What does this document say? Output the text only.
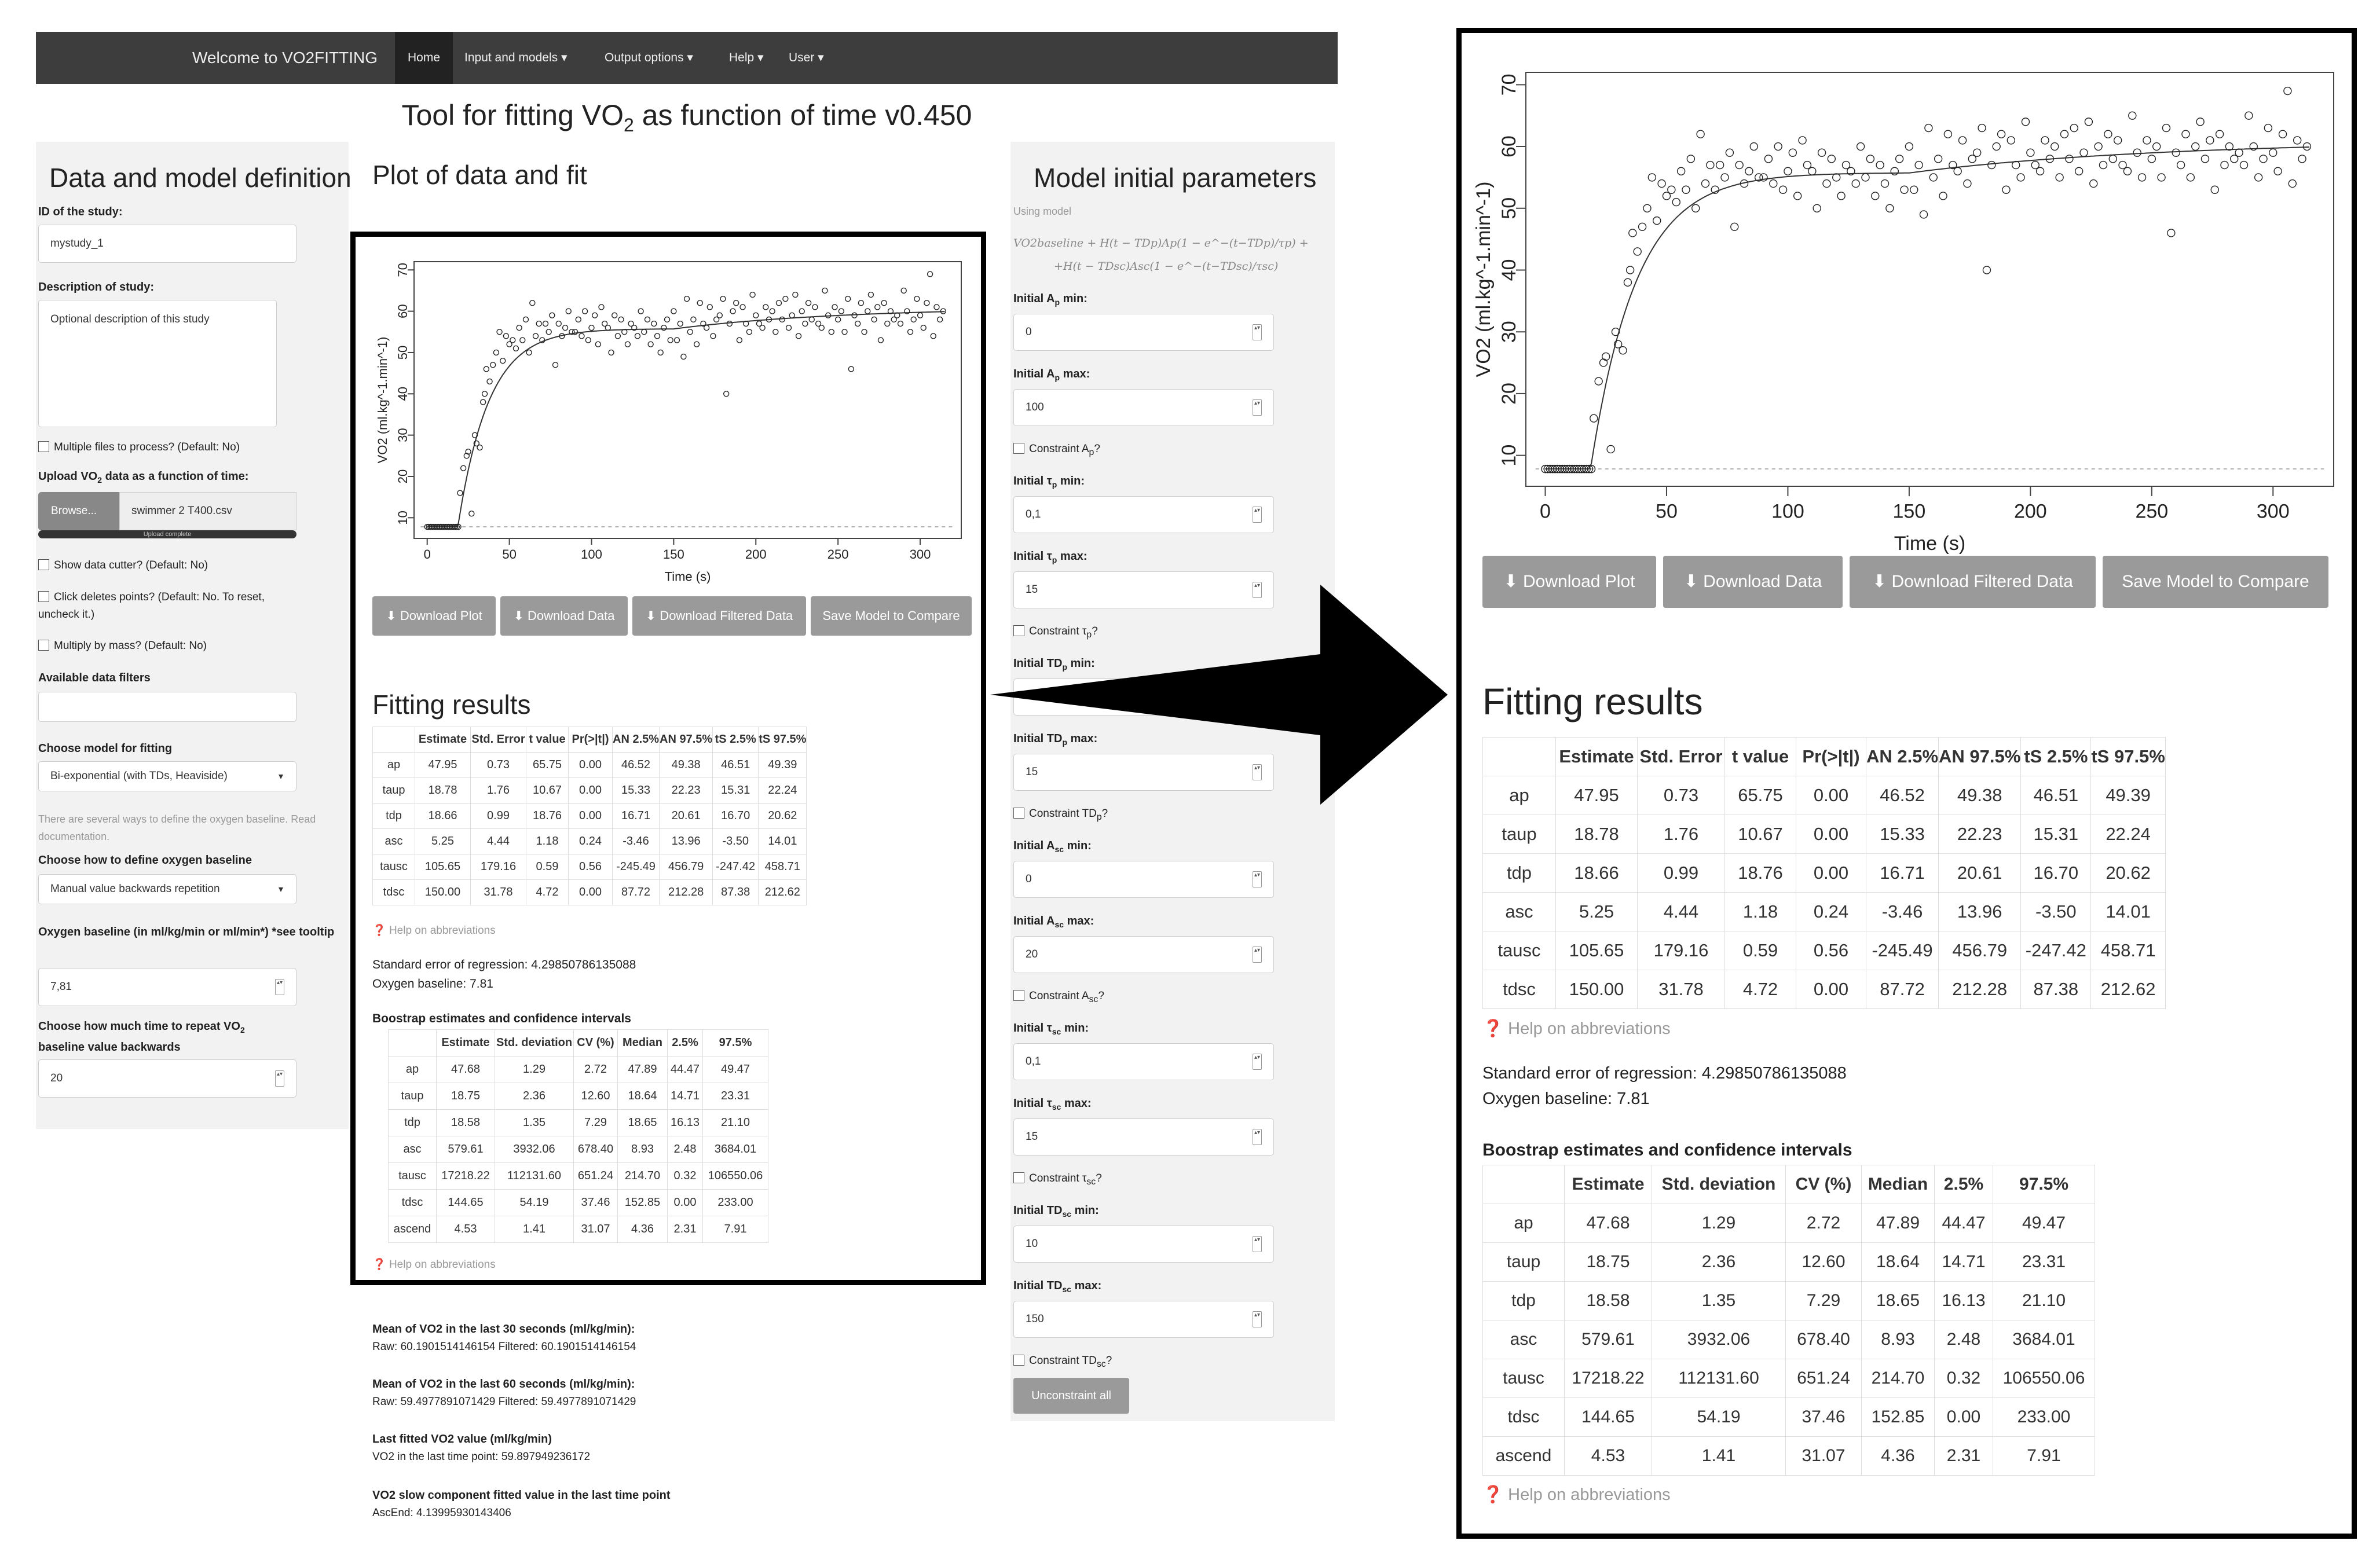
Welcome to VO2FITTING	Home	Input and models ▾	Output options ▾	Help ▾	User ▾
Tool for fitting $VO_2$ as function of time v0.450
Data and model definition
ID of the study:
mystudy_1
Description of study:
Optional description of this study
Multiple files to process? (Default: No)
Upload $VO_2$ data as a function of time:
Browse...	swimmer 2 T400.csv
Upload complete
Show data cutter? (Default: No)
Click deletes points? (Default: No. To reset, uncheck it.)
Multiply by mass? (Default: No)
Available data filters
Choose model for fitting
Bi-exponential (with TDs, Heaviside)	▾
There are several ways to define the oxygen baseline. Read documentation.
Choose how to define oxygen baseline
Manual value backwards repetition	▾
Oxygen baseline (in ml/kg/min or ml/min*) *see tooltip
7,81	▴▾
Choose how much time to repeat $VO_2$
baseline value backwards
20	▴▾
Plot of data and fit
0	50	100	150	200	250	300
10
20
30
40
50
60
70
Time (s)
VO2 (ml.kg^-1.min^-1)
⬇ Download Plot	⬇ Download Data	⬇ Download Filtered Data	Save Model to Compare
Fitting results
	Estimate	Std. Error	t value	Pr(>|t|)	AN 2.5%	AN 97.5%	tS 2.5%	tS 97.5%
ap	47.95	0.73	65.75	0.00	46.52	49.38	46.51	49.39
taup	18.78	1.76	10.67	0.00	15.33	22.23	15.31	22.24
tdp	18.66	0.99	18.76	0.00	16.71	20.61	16.70	20.62
asc	5.25	4.44	1.18	0.24	-3.46	13.96	-3.50	14.01
tausc	105.65	179.16	0.59	0.56	-245.49	456.79	-247.42	458.71
tdsc	150.00	31.78	4.72	0.00	87.72	212.28	87.38	212.62
❓ Help on abbreviations
Standard error of regression: 4.29850786135088
Oxygen baseline: 7.81
Boostrap estimates and confidence intervals
	Estimate	Std. deviation	CV (%)	Median	2.5%	97.5%
ap	47.68	1.29	2.72	47.89	44.47	49.47
taup	18.75	2.36	12.60	18.64	14.71	23.31
tdp	18.58	1.35	7.29	18.65	16.13	21.10
asc	579.61	3932.06	678.40	8.93	2.48	3684.01
tausc	17218.22	112131.60	651.24	214.70	0.32	106550.06
tdsc	144.65	54.19	37.46	152.85	0.00	233.00
ascend	4.53	1.41	31.07	4.36	2.31	7.91
❓ Help on abbreviations
Mean of VO2 in the last 30 seconds (ml/kg/min):
Raw: 60.1901514146154 Filtered: 60.1901514146154
Mean of VO2 in the last 60 seconds (ml/kg/min):
Raw: 59.4977891071429 Filtered: 59.4977891071429
Last fitted VO2 value (ml/kg/min)
VO2 in the last time point: 59.897949236172
VO2 slow component fitted value in the last time point
AscEnd: 4.13995930143406
Model initial parameters
Using model
VO2baseline + H(t − TDp)Ap(1 − e^−(t−TDp)/τp) +
+H(t − TDsc)Asc(1 − e^−(t−TDsc)/τsc)
Initial $A_p$ min:
0	▴▾
Initial $A_p$ max:
100	▴▾
Constraint $A_p$?
Initial $\tau_p$ min:
0,1	▴▾
Initial $\tau_p$ max:
15	▴▾
Constraint $\tau_p$?
Initial $TD_p$ min:
Initial $TD_p$ max:
15	▴▾
Constraint $TD_p$?
Initial $A_{sc}$ min:
0	▴▾
Initial $A_{sc}$ max:
20	▴▾
Constraint $A_{sc}$?
Initial $\tau_{sc}$ min:
0,1	▴▾
Initial $\tau_{sc}$ max:
15	▴▾
Constraint $\tau_{sc}$?
Initial $TD_{sc}$ min:
10	▴▾
Initial $TD_{sc}$ max:
150	▴▾
Constraint $TD_{sc}$?
Unconstraint all
0	50	100	150	200	250	300
10
20
30
40
50
60
70
Time (s)
VO2 (ml.kg^-1.min^-1)
⬇ Download Plot	⬇ Download Data	⬇ Download Filtered Data	Save Model to Compare
Fitting results
	Estimate	Std. Error	t value	Pr(>|t|)	AN 2.5%	AN 97.5%	tS 2.5%	tS 97.5%
ap	47.95	0.73	65.75	0.00	46.52	49.38	46.51	49.39
taup	18.78	1.76	10.67	0.00	15.33	22.23	15.31	22.24
tdp	18.66	0.99	18.76	0.00	16.71	20.61	16.70	20.62
asc	5.25	4.44	1.18	0.24	-3.46	13.96	-3.50	14.01
tausc	105.65	179.16	0.59	0.56	-245.49	456.79	-247.42	458.71
tdsc	150.00	31.78	4.72	0.00	87.72	212.28	87.38	212.62
❓ Help on abbreviations
Standard error of regression: 4.29850786135088
Oxygen baseline: 7.81
Boostrap estimates and confidence intervals
	Estimate	Std. deviation	CV (%)	Median	2.5%	97.5%
ap	47.68	1.29	2.72	47.89	44.47	49.47
taup	18.75	2.36	12.60	18.64	14.71	23.31
tdp	18.58	1.35	7.29	18.65	16.13	21.10
asc	579.61	3932.06	678.40	8.93	2.48	3684.01
tausc	17218.22	112131.60	651.24	214.70	0.32	106550.06
tdsc	144.65	54.19	37.46	152.85	0.00	233.00
ascend	4.53	1.41	31.07	4.36	2.31	7.91
❓ Help on abbreviations
